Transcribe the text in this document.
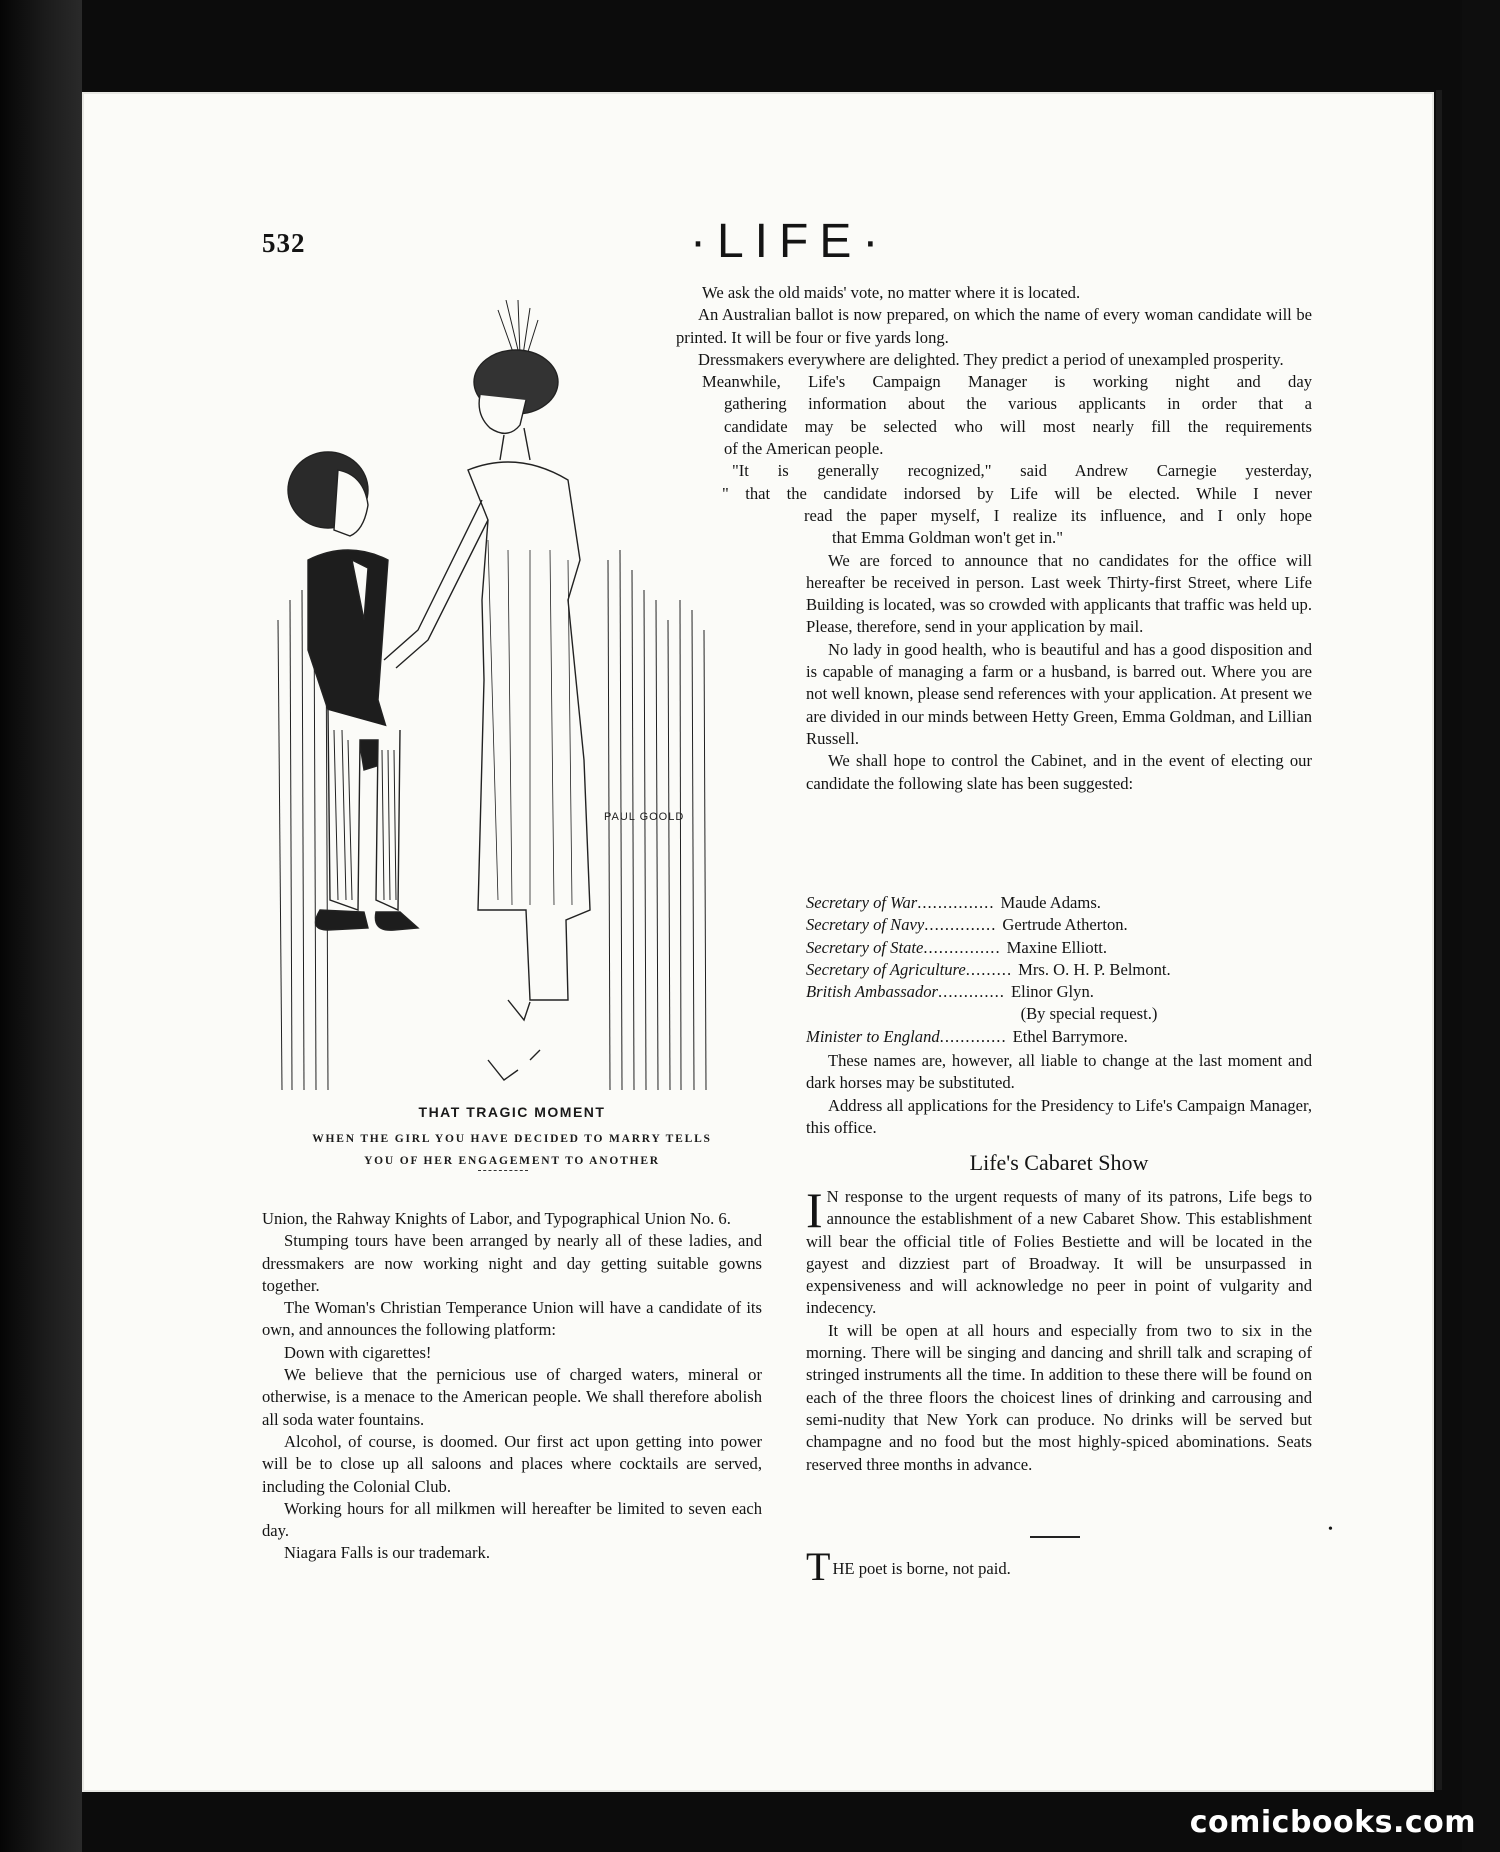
532	·LIFE·
PAUL GOOLD
THAT TRAGIC MOMENT
WHEN THE GIRL YOU HAVE DECIDED TO MARRY TELLS
YOU OF HER ENGAGEMENT TO ANOTHER

We ask the old maids' vote, no matter where it is located.

An Australian ballot is now prepared, on which the name of every woman candidate will be printed. It will be four or five yards long.

Dressmakers everywhere are delighted. They predict a period of unexampled prosperity.

Meanwhile, Life's Campaign Manager is working night and day
gathering information about the various applicants in order that a
candidate may be selected who will most nearly fill the requirements
of the American people.
"It is generally recognized," said Andrew Carnegie yesterday,
" that the candidate indorsed by Life will be elected. While I never
read the paper myself, I realize its influence, and I only hope
that Emma Goldman won't get in."

We are forced to announce that no candidates for the office will hereafter be received in person. Last week Thirty-first Street, where Life Building is located, was so crowded with applicants that traffic was held up. Please, therefore, send in your application by mail.

No lady in good health, who is beautiful and has a good disposition and is capable of managing a farm or a husband, is barred out. Where you are not well known, please send references with your application. At present we are divided in our minds between Hetty Green, Emma Goldman, and Lillian Russell.

We shall hope to control the Cabinet, and in the event of electing our candidate the following slate has been suggested:

Secretary of War ............... Maude Adams.
Secretary of Navy .............. Gertrude Atherton.
Secretary of State ............... Maxine Elliott.
Secretary of Agriculture ......... Mrs. O. H. P. Belmont.
British Ambassador ............. Elinor Glyn.
(By special request.)
Minister to England ............. Ethel Barrymore.

These names are, however, all liable to change at the last moment and dark horses may be substituted.

Address all applications for the Presidency to Life's Campaign Manager, this office.

Life's Cabaret Show

I N response to the urgent requests of many of its patrons, Life begs to announce the establishment of a new Cabaret Show. This establishment will bear the official title of Folies Bestiette and will be located in the gayest and dizziest part of Broadway. It will be unsurpassed in expensiveness and will acknowledge no peer in point of vulgarity and indecency.

It will be open at all hours and especially from two to six in the morning. There will be singing and dancing and shrill talk and scraping of stringed instruments all the time. In addition to these there will be found on each of the three floors the choicest lines of drinking and carrousing and semi-nudity that New York can produce. No drinks will be served but champagne and no food but the most highly-spiced abominations. Seats reserved three months in advance.

•
THE poet is borne, not paid.

Union, the Rahway Knights of Labor, and Typographical Union No. 6.

Stumping tours have been arranged by nearly all of these ladies, and dressmakers are now working night and day getting suitable gowns together.

The Woman's Christian Temperance Union will have a candidate of its own, and announces the following platform:

Down with cigarettes!

We believe that the pernicious use of charged waters, mineral or otherwise, is a menace to the American people. We shall therefore abolish all soda water fountains.

Alcohol, of course, is doomed. Our first act upon getting into power will be to close up all saloons and places where cocktails are served, including the Colonial Club.

Working hours for all milkmen will hereafter be limited to seven each day.

Niagara Falls is our trademark.

comicbooks.com
